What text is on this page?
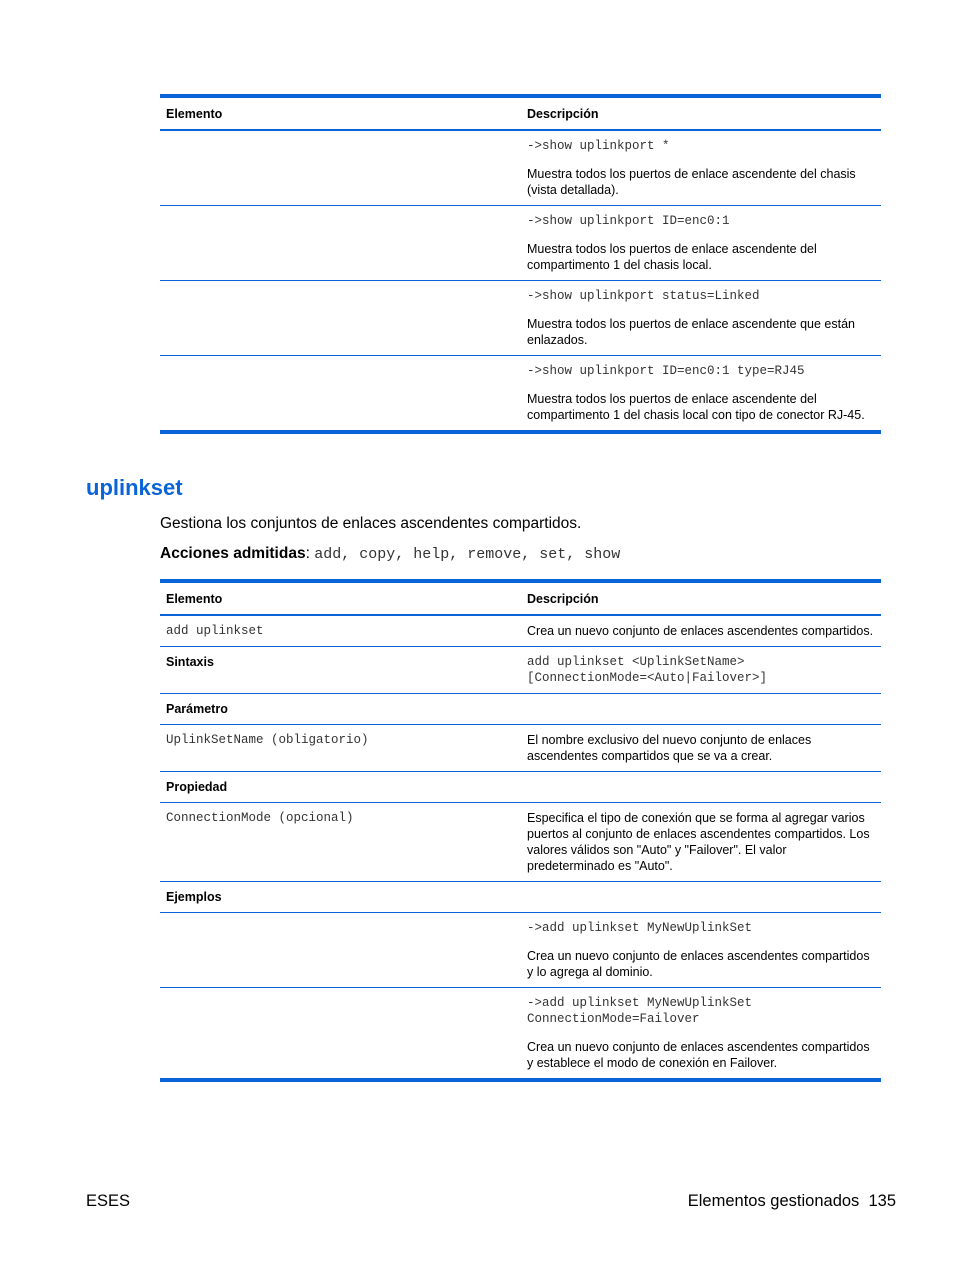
Elemento	Descripción

	->show uplinkport *
Muestra todos los puertos de enlace ascendente del chasis (vista detallada).

	->show uplinkport ID=enc0:1
Muestra todos los puertos de enlace ascendente del compartimento 1 del chasis local.

	->show uplinkport status=Linked
Muestra todos los puertos de enlace ascendente que están enlazados.

	->show uplinkport ID=enc0:1 type=RJ45
Muestra todos los puertos de enlace ascendente del compartimento 1 del chasis local con tipo de conector RJ-45.
uplinkset

Gestiona los conjuntos de enlaces ascendentes compartidos.

Acciones admitidas: add, copy, help, remove, set, show

Elemento	Descripción
add uplinkset	Crea un nuevo conjunto de enlaces ascendentes compartidos.
Sintaxis	add uplinkset <UplinkSetName>
[ConnectionMode=<Auto|Failover>]

Parámetro	
UplinkSetName (obligatorio)	El nombre exclusivo del nuevo conjunto de enlaces ascendentes compartidos que se va a crear.
Propiedad	
ConnectionMode (opcional)	Especifica el tipo de conexión que se forma al agregar varios puertos al conjunto de enlaces ascendentes compartidos. Los valores válidos son "Auto" y "Failover". El valor predeterminado es "Auto".
Ejemplos	

	->add uplinkset MyNewUplinkSet
Crea un nuevo conjunto de enlaces ascendentes compartidos y lo agrega al dominio.

	->add uplinkset MyNewUplinkSet
ConnectionMode=Failover
Crea un nuevo conjunto de enlaces ascendentes compartidos y establece el modo de conexión en Failover.
ESES	Elementos gestionados 135
